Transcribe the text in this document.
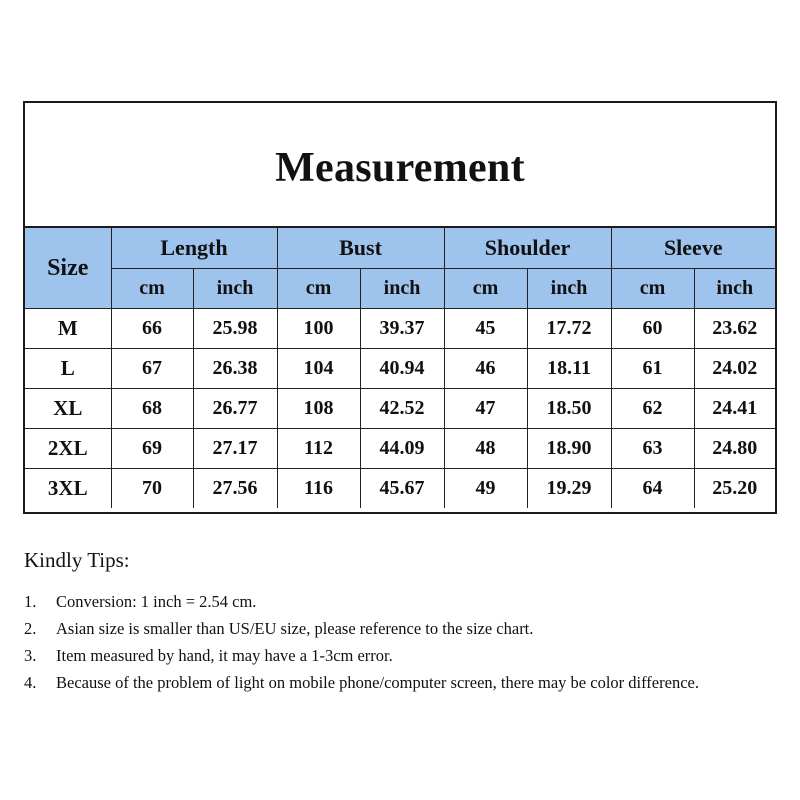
Measurement
Size	Length		Bust		Shoulder		Sleeve	
	cm	inch	cm	inch	cm	inch	cm	inch
M	66	25.98	100	39.37	45	17.72	60	23.62
L	67	26.38	104	40.94	46	18.11	61	24.02
XL	68	26.77	108	42.52	47	18.50	62	24.41
2XL	69	27.17	112	44.09	48	18.90	63	24.80
3XL	70	27.56	116	45.67	49	19.29	64	25.20
Kindly Tips:
1.	Conversion: 1 inch = 2.54 cm.
2.	Asian size is smaller than US/EU size, please reference to the size chart.
3.	Item measured by hand, it may have a 1-3cm error.
4.	Because of the problem of light on mobile phone/computer screen, there may be color difference.
